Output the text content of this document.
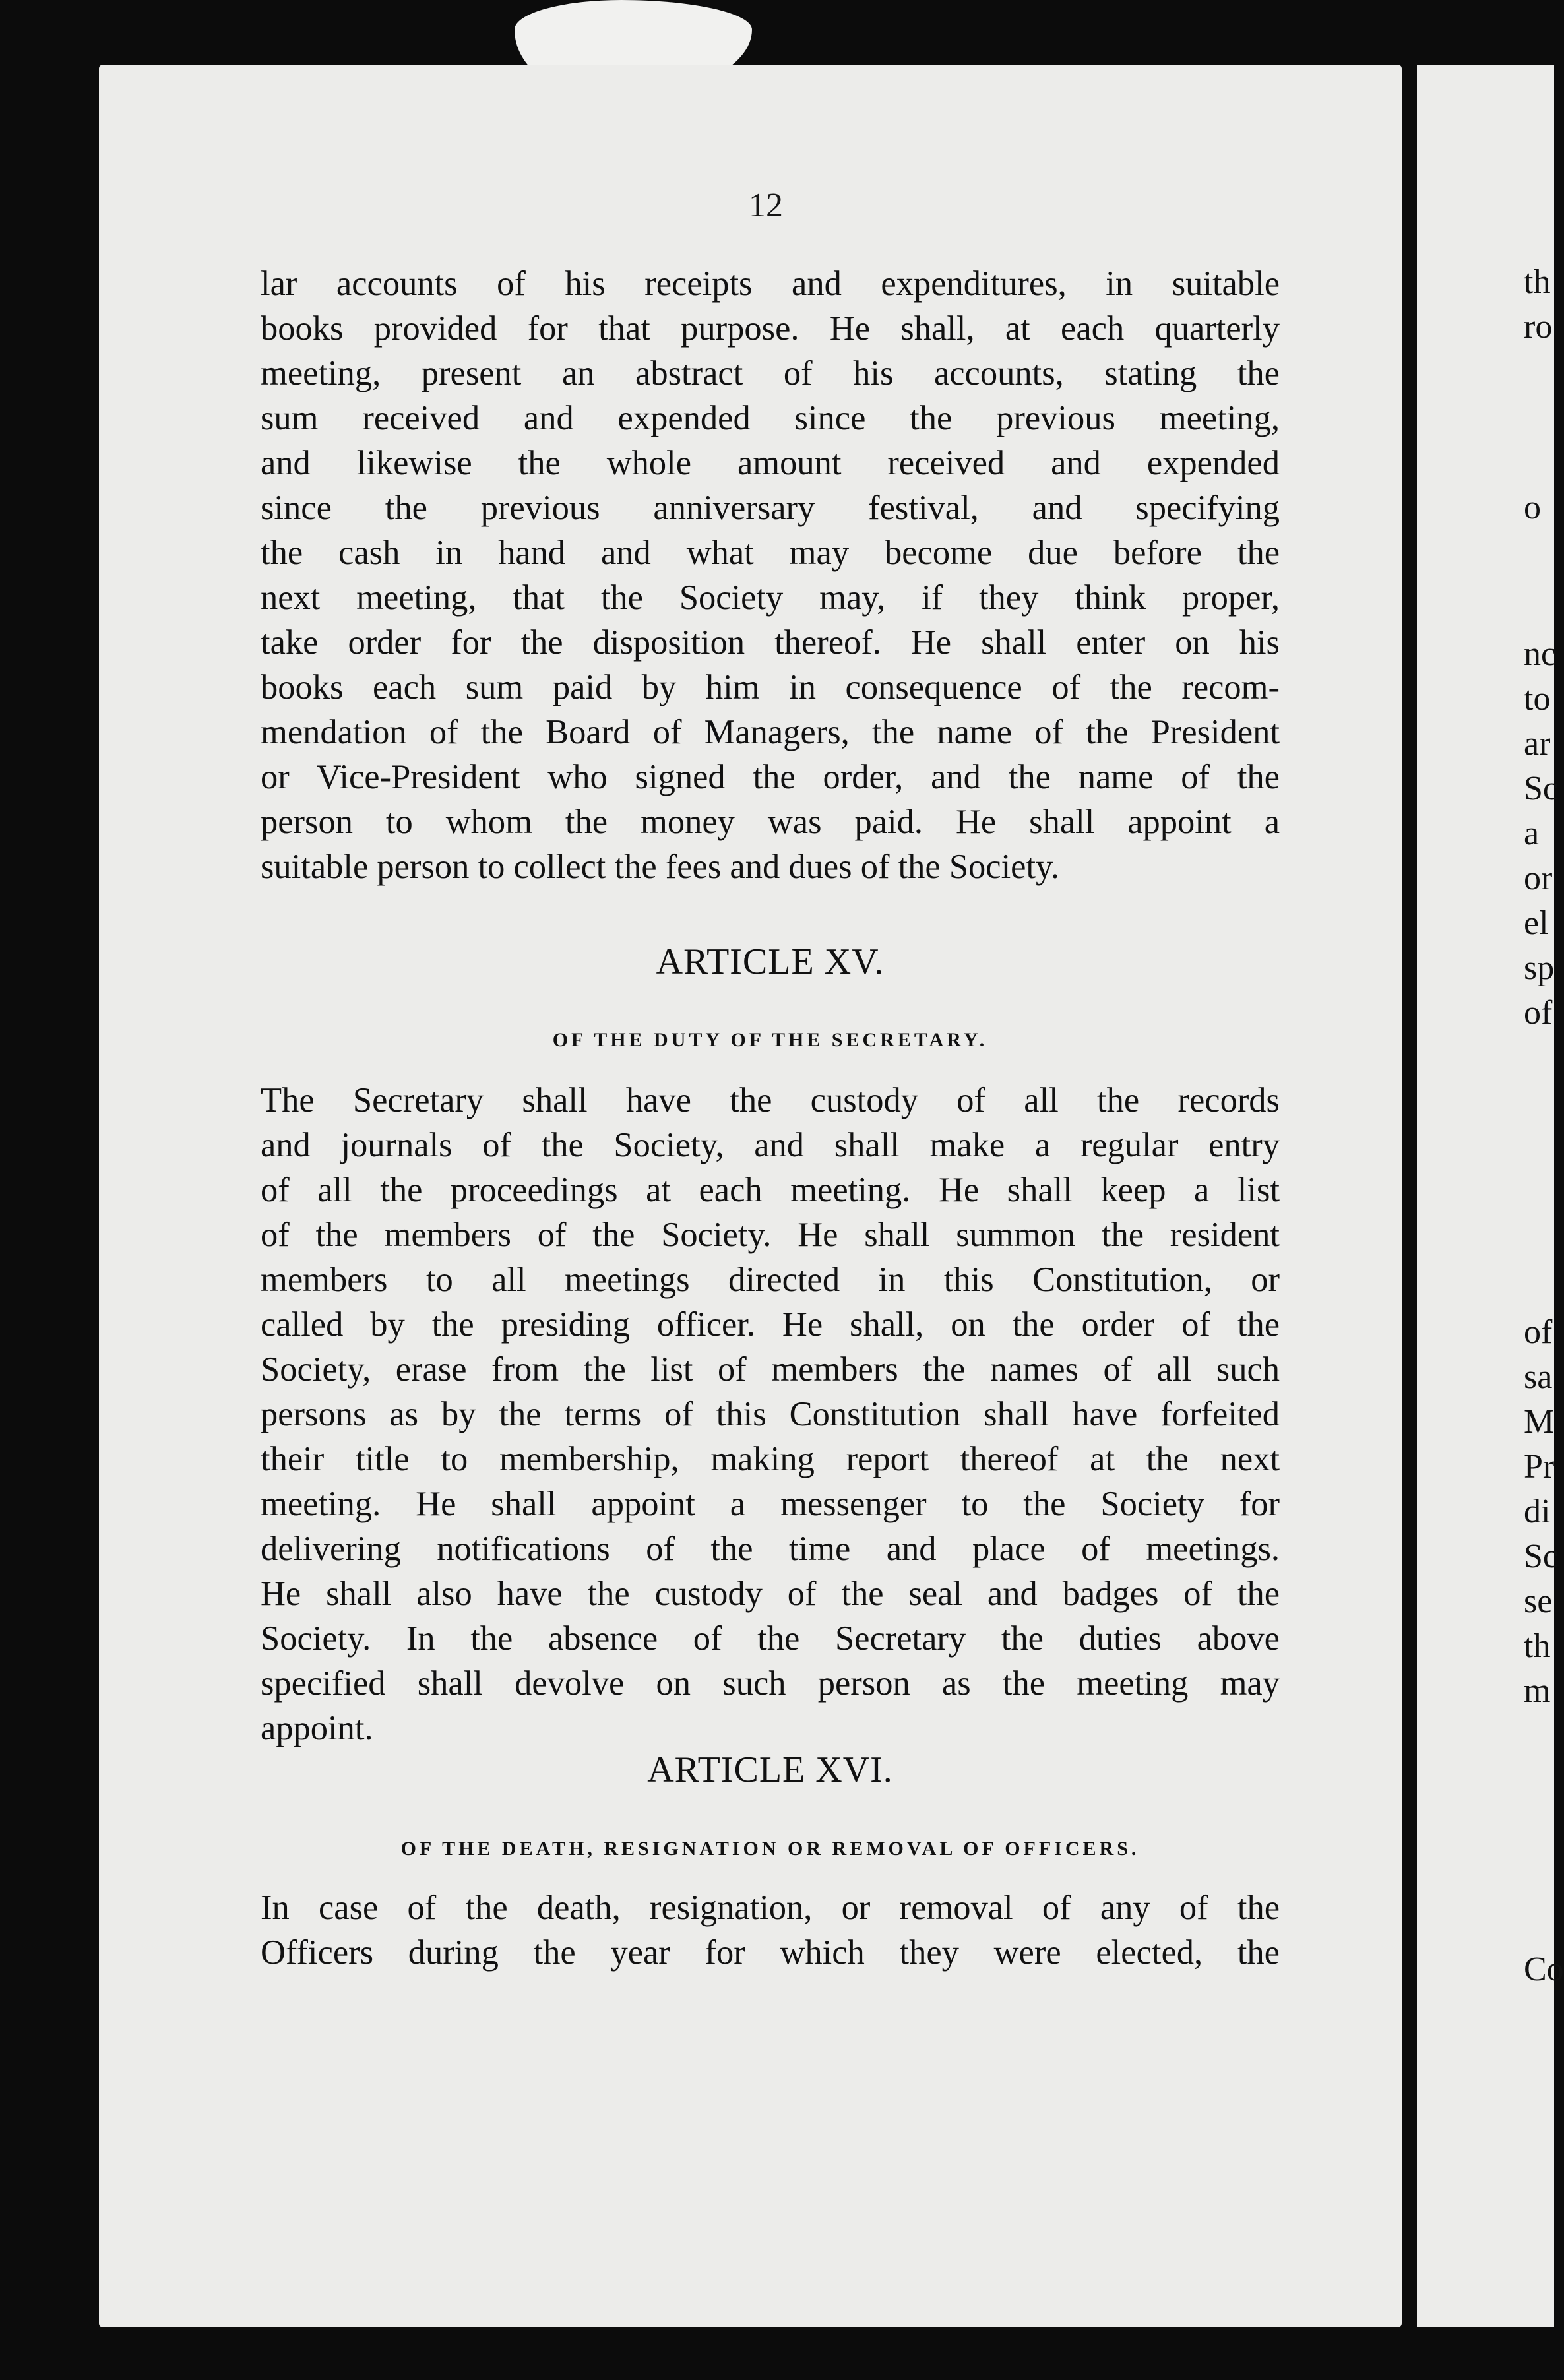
12
lar accounts of his receipts and expenditures, in suitable
books provided for that purpose. He shall, at each quarterly
meeting, present an abstract of his accounts, stating the
sum received and expended since the previous meeting,
and likewise the whole amount received and expended
since the previous anniversary festival, and specifying
the cash in hand and what may become due before the
next meeting, that the Society may, if they think proper,
take order for the disposition thereof. He shall enter on his
books each sum paid by him in consequence of the recom-
mendation of the Board of Managers, the name of the President
or Vice-President who signed the order, and the name of the
person to whom the money was paid. He shall appoint a
suitable person to collect the fees and dues of the Society.
ARTICLE XV.
OF THE DUTY OF THE SECRETARY.
The Secretary shall have the custody of all the records
and journals of the Society, and shall make a regular entry
of all the proceedings at each meeting. He shall keep a list
of the members of the Society. He shall summon the resident
members to all meetings directed in this Constitution, or
called by the presiding officer. He shall, on the order of the
Society, erase from the list of members the names of all such
persons as by the terms of this Constitution shall have forfeited
their title to membership, making report thereof at the next
meeting. He shall appoint a messenger to the Society for
delivering notifications of the time and place of meetings.
He shall also have the custody of the seal and badges of the
Society. In the absence of the Secretary the duties above
specified shall devolve on such person as the meeting may
appoint.
ARTICLE XVI.
OF THE DEATH, RESIGNATION OR REMOVAL OF OFFICERS.
In case of the death, resignation, or removal of any of the
Officers during the year for which they were elected, the
th
ro
o
nc
to
ar
Sc
a
or
el
sp
of
of
sa
M
Pr
di
Sc
se
th
m
Co
